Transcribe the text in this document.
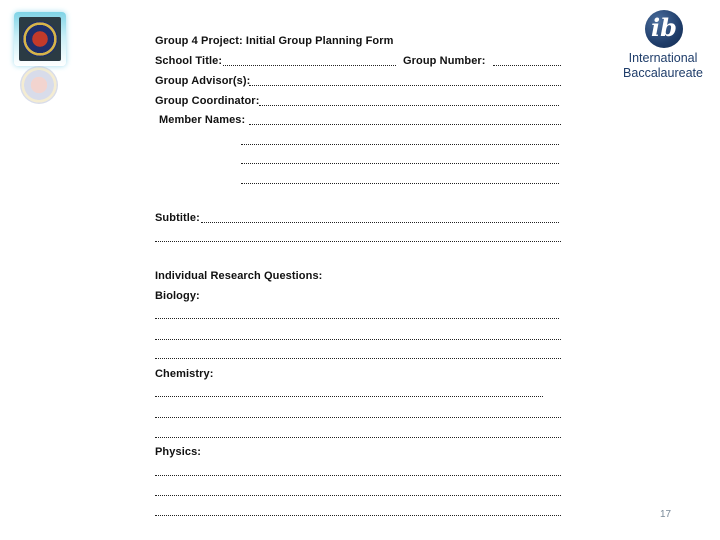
ib
International
Baccalaureate
Group 4 Project: Initial Group Planning Form
School Title:	Group Number:
Group Advisor(s):
Group Coordinator:
Member Names:
Subtitle:
Individual Research Questions:
Biology:
Chemistry:
Physics:
17
